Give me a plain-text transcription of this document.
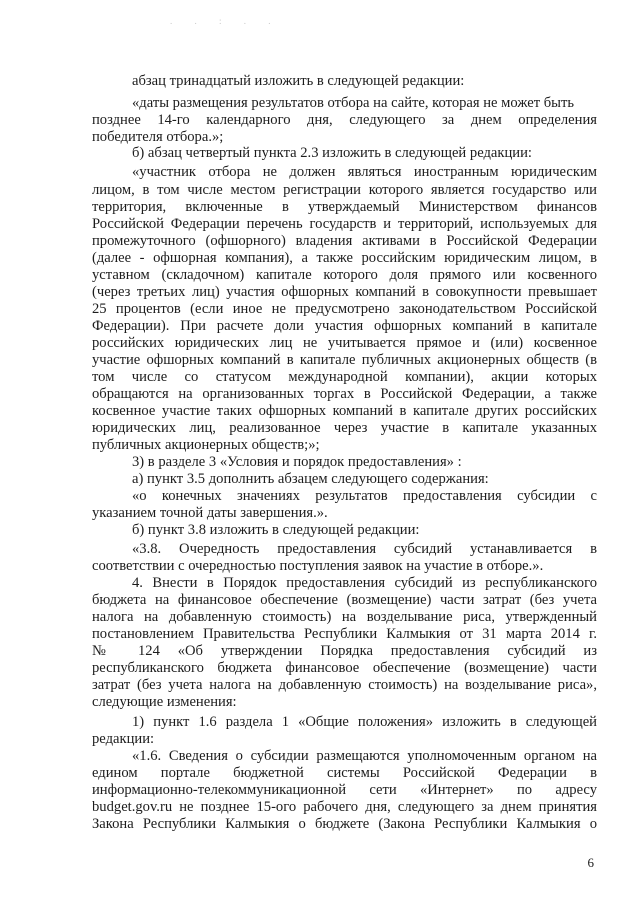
. . : . .
абзац тринадцатый изложить в следующей редакции:
«даты размещения результатов отбора на сайте, которая не может быть
позднее 14-го календарного дня, следующего за днем определения
победителя отбора.»;
б) абзац четвертый пункта 2.3 изложить в следующей редакции:
«участник отбора не должен являться иностранным юридическим
лицом, в том числе местом регистрации которого является государство или
территория, включенные в утверждаемый Министерством финансов
Российской Федерации перечень государств и территорий, используемых для
промежуточного (офшорного) владения активами в Российской Федерации
(далее - офшорная компания), а также российским юридическим лицом, в
уставном (складочном) капитале которого доля прямого или косвенного
(через третьих лиц) участия офшорных компаний в совокупности превышает
25 процентов (если иное не предусмотрено законодательством Российской
Федерации). При расчете доли участия офшорных компаний в капитале
российских юридических лиц не учитывается прямое и (или) косвенное
участие офшорных компаний в капитале публичных акционерных обществ (в
том числе со статусом международной компании), акции которых
обращаются на организованных торгах в Российской Федерации, а также
косвенное участие таких офшорных компаний в капитале других российских
юридических лиц, реализованное через участие в капитале указанных
публичных акционерных обществ;»;
3) в разделе 3 «Условия и порядок предоставления» :
а) пункт 3.5 дополнить абзацем следующего содержания:
«о конечных значениях результатов предоставления субсидии с
указанием точной даты завершения.».
б) пункт 3.8 изложить в следующей редакции:
«3.8. Очередность предоставления субсидий устанавливается в
соответствии с очередностью поступления заявок на участие в отборе.».
4. Внести в Порядок предоставления субсидий из республиканского
бюджета на финансовое обеспечение (возмещение) части затрат (без учета
налога на добавленную стоимость) на возделывание риса, утвержденный
постановлением Правительства Республики Калмыкия от 31 марта 2014 г.
№ 124 «Об утверждении Порядка предоставления субсидий из
республиканского бюджета финансовое обеспечение (возмещение) части
затрат (без учета налога на добавленную стоимость) на возделывание риса»,
следующие изменения:
1) пункт 1.6 раздела 1 «Общие положения» изложить в следующей
редакции:
«1.6. Сведения о субсидии размещаются уполномоченным органом на
едином портале бюджетной системы Российской Федерации в
информационно-телекоммуникационной сети «Интернет» по адресу
budget.gov.ru не позднее 15-ого рабочего дня, следующего за днем принятия
Закона Республики Калмыкия о бюджете (Закона Республики Калмыкия о
6
